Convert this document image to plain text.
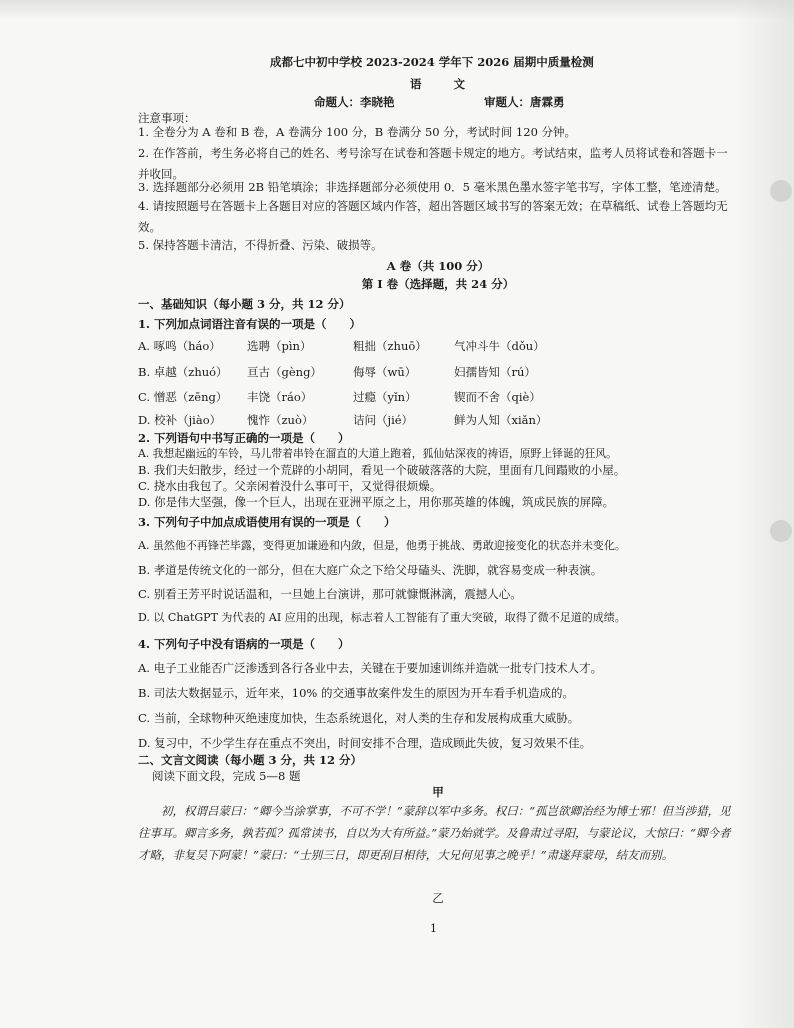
成都七中初中学校 2023-2024 学年下 2026 届期中质量检测
语文
命题人：李晓艳	审题人：唐霖勇
注意事项：
1. 全卷分为 A 卷和 B 卷，A 卷满分 100 分，B 卷满分 50 分，考试时间 120 分钟。
2. 在作答前，考生务必将自己的姓名、考号涂写在试卷和答题卡规定的地方。考试结束，监考人员将试卷和答题卡一并收回。
3. 选择题部分必须用 2B 铅笔填涂；非选择题部分必须使用 0．5 毫米黑色墨水签字笔书写，字体工整，笔迹清楚。
4. 请按照题号在答题卡上各题目对应的答题区域内作答，超出答题区域书写的答案无效；在草稿纸、试卷上答题均无效。
5. 保持答题卡清洁，不得折叠、污染、破损等。
A 卷（共 100 分）
第 I 卷（选择题，共 24 分）
一、基础知识（每小题 3 分，共 12 分）
1. 下列加点词语注音有误的一项是（　　）
A. 啄鸣（háo） 选聘（pìn）	粗拙（zhuō） 气冲斗牛（dǒu）
B. 卓越（zhuó） 亘古（gèng）	侮辱（wū）	妇孺皆知（rú）
C. 憎恶（zēng） 丰饶（ráo）	过瘾（yǐn）	锲而不舍（qiè）
D. 校补（jiào） 愧怍（zuò）	诘问（jié）	鲜为人知（xiǎn）
2. 下列语句中书写正确的一项是（　　）
A. 我想起幽远的车铃，马儿带着串铃在溜直的大道上跑着，狐仙姑深夜的祷语，原野上铎诞的狂风。
B. 我们夫妇散步，经过一个荒辟的小胡同，看见一个破破落落的大院，里面有几间蹋败的小屋。
C. 挠水由我包了。父亲闲着没什么事可干，又觉得很烦燥。
D. 你是伟大坚强，像一个巨人，出现在亚洲平原之上，用你那英雄的体魄，筑成民族的屏障。
3. 下列句子中加点成语使用有误的一项是（　　）
A. 虽然他不再锋芒毕露，变得更加谦逊和内敛，但是，他勇于挑战、勇敢迎接变化的状态并未变化。
B. 孝道是传统文化的一部分，但在大庭广众之下给父母磕头、洗脚，就容易变成一种表演。
C. 别看王芳平时说话温和，一旦她上台演讲，那可就慷慨淋漓，震撼人心。
D. 以 ChatGPT 为代表的 AI 应用的出现，标志着人工智能有了重大突破，取得了微不足道的成绩。
4. 下列句子中没有语病的一项是（　　）
A. 电子工业能否广泛渗透到各行各业中去，关键在于要加速训练并造就一批专门技术人才。
B. 司法大数据显示，近年来，10% 的交通事故案件发生的原因为开车看手机造成的。
C. 当前，全球物种灭绝速度加快，生态系统退化，对人类的生存和发展构成重大威胁。
D. 复习中，不少学生存在重点不突出，时间安排不合理，造成顾此失彼，复习效果不佳。
二、文言文阅读（每小题 3 分，共 12 分）
阅读下面文段，完成 5—8 题
甲
初，权谓吕蒙曰：“卿今当涂掌事，不可不学！”蒙辞以军中多务。权曰：“孤岂欲卿治经为博士邪！但当涉猎，见往事耳。卿言多务，孰若孤？孤常读书，自以为大有所益。”蒙乃始就学。及鲁肃过寻阳，与蒙论议，大惊曰：“卿今者才略，非复吴下阿蒙！”蒙曰：“士别三日，即更刮目相待，大兄何见事之晚乎！”肃遂拜蒙母，结友而别。
乙
1
